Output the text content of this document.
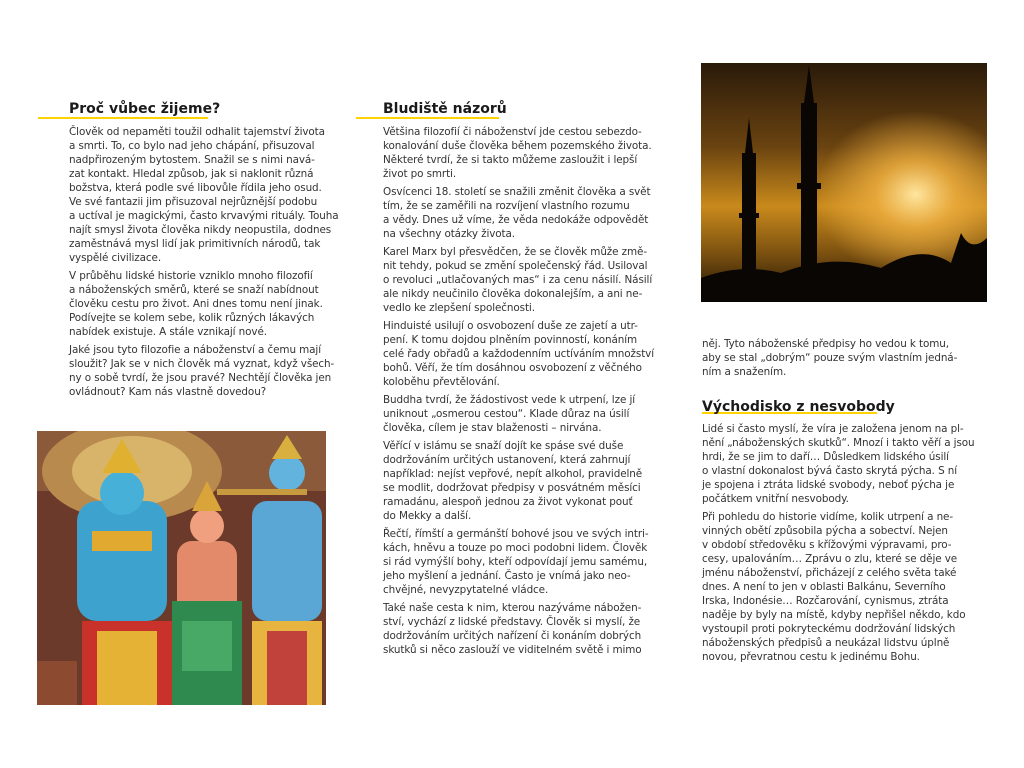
Proč vůbec žijeme?

Člověk od nepaměti toužil odhalit tajemství života
a smrti. To, co bylo nad jeho chápání, přisuzoval
nadpřirozeným bytostem. Snažil se s nimi navá-
zat kontakt. Hledal způsob, jak si naklonit různá
božstva, která podle své libovůle řídila jeho osud.
Ve své fantazii jim přisuzoval nejrůznější podobu
a uctíval je magickými, často krvavými rituály. Touha
najít smysl života člověka nikdy neopustila, dodnes
zaměstnává mysl lidí jak primitivních národů, tak
vyspělé civilizace.

V průběhu lidské historie vzniklo mnoho filozofií
a náboženských směrů, které se snaží nabídnout
člověku cestu pro život. Ani dnes tomu není jinak.
Podívejte se kolem sebe, kolik různých lákavých
nabídek existuje. A stále vznikají nové.

Jaké jsou tyto filozofie a náboženství a čemu mají
sloužit? Jak se v nich člověk má vyznat, když všech-
ny o sobě tvrdí, že jsou pravé? Nechtějí člověka jen
ovládnout? Kam nás vlastně dovedou?

Bludiště názorů

Většina filozofií či náboženství jde cestou sebezdo-
konalování duše člověka během pozemského života.
Některé tvrdí, že si takto můžeme zasloužit i lepší
život po smrti.

Osvícenci 18. století se snažili změnit člověka a svět
tím, že se zaměřili na rozvíjení vlastního rozumu
a vědy. Dnes už víme, že věda nedokáže odpovědět
na všechny otázky života.

Karel Marx byl přesvědčen, že se člověk může změ-
nit tehdy, pokud se změní společenský řád. Usiloval
o revoluci „utlačovaných mas“ i za cenu násilí. Násilí
ale nikdy neučinilo člověka dokonalejším, a ani ne-
vedlo ke zlepšení společnosti.

Hinduisté usilují o osvobození duše ze zajetí a utr-
pení. K tomu dojdou plněním povinností, konáním
celé řady obřadů a každodenním uctíváním množství
bohů. Věří, že tím dosáhnou osvobození z věčného
koloběhu převtělování.

Buddha tvrdí, že žádostivost vede k utrpení, lze jí
uniknout „osmerou cestou“. Klade důraz na úsilí
člověka, cílem je stav blaženosti – nirvána.

Věřící v islámu se snaží dojít ke spáse své duše
dodržováním určitých ustanovení, která zahrnují
například: nejíst vepřové, nepít alkohol, pravidelně
se modlit, dodržovat předpisy v posvátném měsíci
ramadánu, alespoň jednou za život vykonat pouť
do Mekky a další.

Řečtí, římští a germánští bohové jsou ve svých intri-
kách, hněvu a touze po moci podobni lidem. Člověk
si rád vymýšlí bohy, kteří odpovídají jemu samému,
jeho myšlení a jednání. Často je vnímá jako neo-
chvějné, nevyzpytatelné vládce.

Také naše cesta k nim, kterou nazýváme nábožen-
ství, vychází z lidské představy. Člověk si myslí, že
dodržováním určitých nařízení či konáním dobrých
skutků si něco zaslouží ve viditelném světě i mimo

něj. Tyto náboženské předpisy ho vedou k tomu,
aby se stal „dobrým“ pouze svým vlastním jedná-
ním a snažením.

Východisko z nesvobody

Lidé si často myslí, že víra je založena jenom na pl-
nění „náboženských skutků“. Mnozí i takto věří a jsou
hrdi, že se jim to daří… Důsledkem lidského úsilí
o vlastní dokonalost bývá často skrytá pýcha. S ní
je spojena i ztráta lidské svobody, neboť pýcha je
počátkem vnitřní nesvobody.

Při pohledu do historie vidíme, kolik utrpení a ne-
vinných obětí způsobila pýcha a sobectví. Nejen
v období středověku s křížovými výpravami, pro-
cesy, upalováním… Zprávu o zlu, které se děje ve
jménu náboženství, přicházejí z celého světa také
dnes. A není to jen v oblasti Balkánu, Severního
Irska, Indonésie… Rozčarování, cynismus, ztráta
naděje by byly na místě, kdyby nepřišel někdo, kdo
vystoupil proti pokryteckému dodržování lidských
náboženských předpisů a neukázal lidstvu úplně
novou, převratnou cestu k jedinému Bohu.
